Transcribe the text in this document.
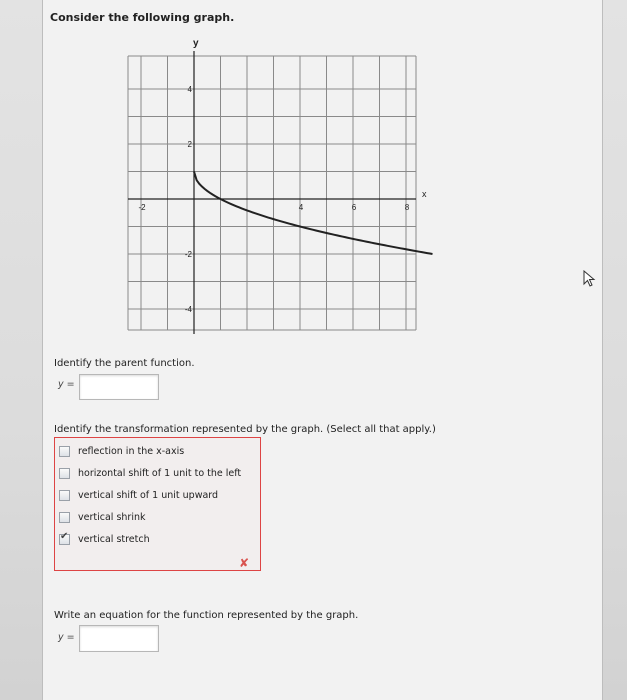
Consider the following graph.
-2	4	6	8
4
2
-2
-4
x
y
Identify the parent function.
y =
Identify the transformation represented by the graph. (Select all that apply.)
reflection in the x-axis
horizontal shift of 1 unit to the left
vertical shift of 1 unit upward
vertical shrink
✔
vertical stretch
✘
Write an equation for the function represented by the graph.
y =
